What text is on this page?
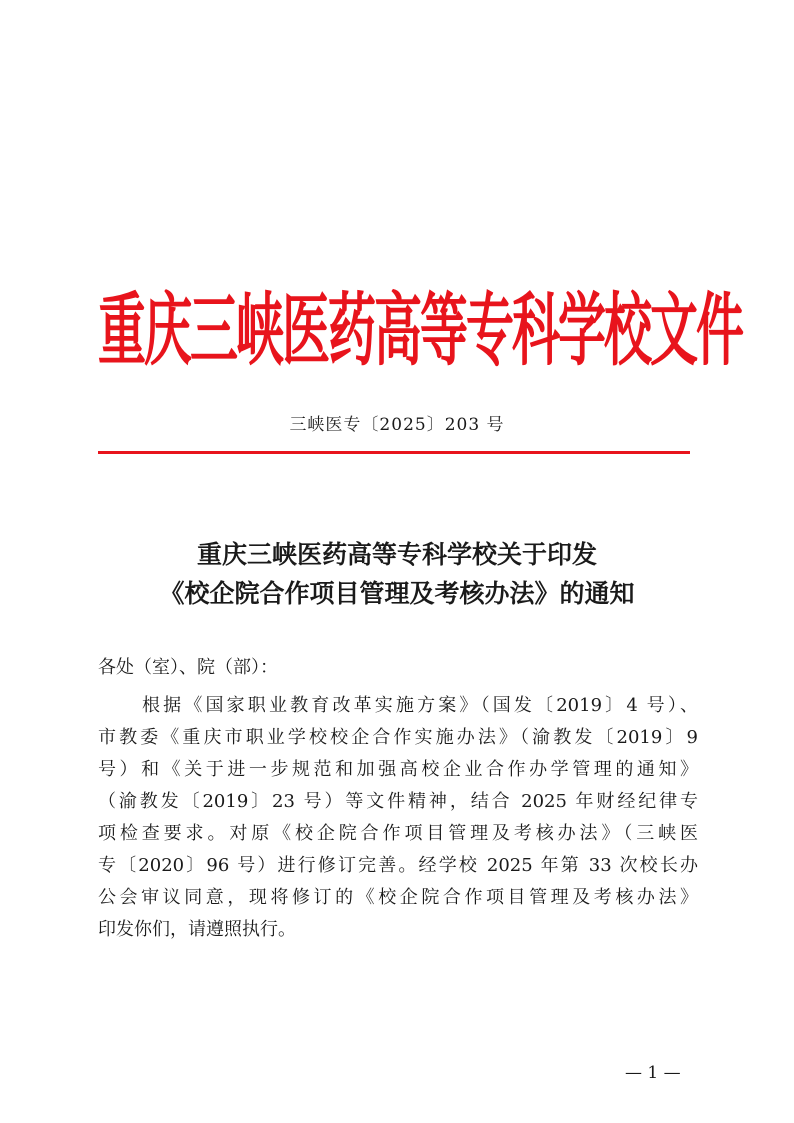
重庆三峡医药高等专科学校文件
三峡医专〔2025〕203 号
重庆三峡医药高等专科学校关于印发
《校企院合作项目管理及考核办法》的通知
各处（室）、院（部）：
根据《国家职业教育改革实施方案》（国发〔2019〕4 号）、
市教委《重庆市职业学校校企合作实施办法》（渝教发〔2019〕9
号）和《关于进一步规范和加强高校企业合作办学管理的通知》
（渝教发〔2019〕23 号）等文件精神，结合 2025 年财经纪律专
项检查要求。对原《校企院合作项目管理及考核办法》（三峡医
专〔2020〕96 号）进行修订完善。经学校 2025 年第 33 次校长办
公会审议同意，现将修订的《校企院合作项目管理及考核办法》
印发你们，请遵照执行。
— 1 —
